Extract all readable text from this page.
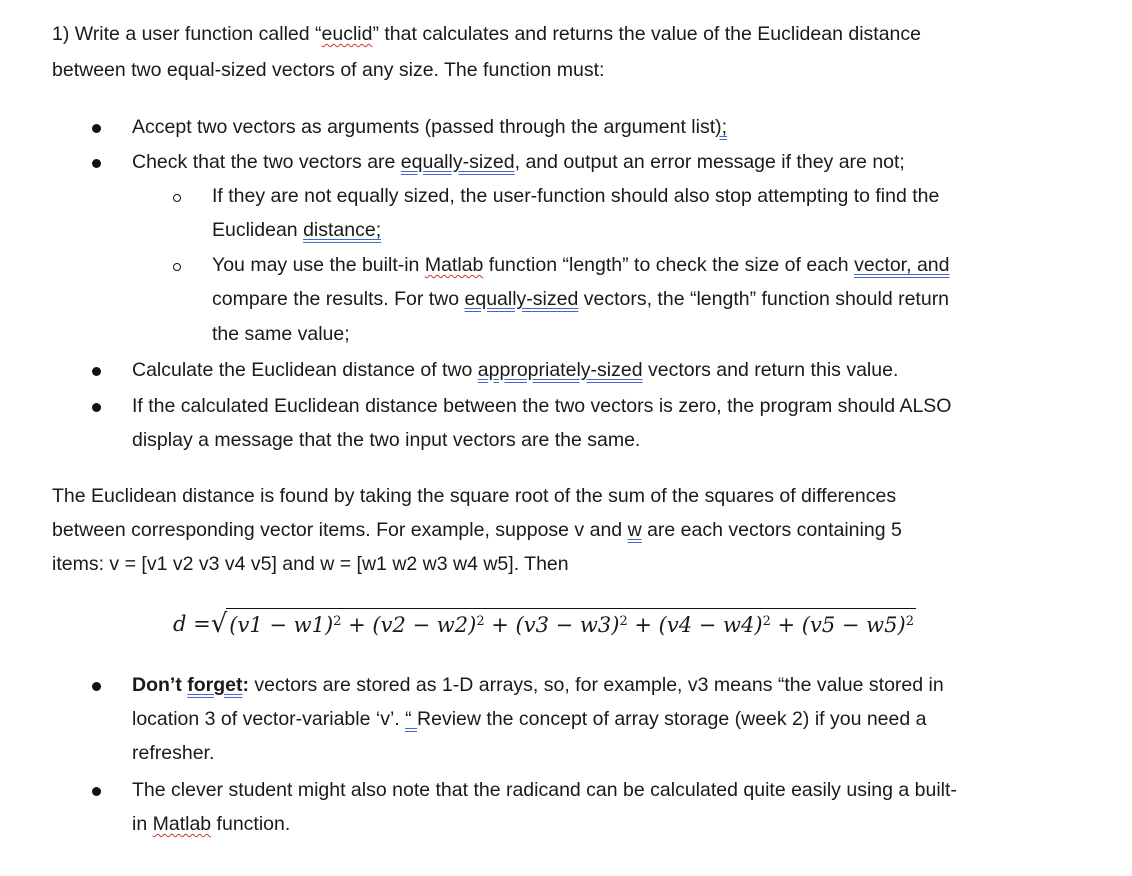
1) Write a user function called “euclid” that calculates and returns the value of the Euclidean distance
between two equal-sized vectors of any size. The function must:
Accept two vectors as arguments (passed through the argument list);
Check that the two vectors are equally-sized, and output an error message if they are not;
If they are not equally sized, the user-function should also stop attempting to find the
Euclidean distance;
You may use the built-in Matlab function “length” to check the size of each vector, and
compare the results. For two equally-sized vectors, the “length” function should return
the same value;
Calculate the Euclidean distance of two appropriately-sized vectors and return this value.
If the calculated Euclidean distance between the two vectors is zero, the program should ALSO
display a message that the two input vectors are the same.
The Euclidean distance is found by taking the square root of the sum of the squares of differences
between corresponding vector items. For example, suppose v and w are each vectors containing 5
items: v = [v1 v2 v3 v4 v5] and w = [w1 w2 w3 w4 w5]. Then
d = √ $(v1 - w1)^2 + (v2 - w2)^2 + (v3 - w3)^2 + (v4 - w4)^2 + (v5 - w5)^2$
Don’t forget: vectors are stored as 1-D arrays, so, for example, v3 means “the value stored in
location 3 of vector-variable ‘v’. “ Review the concept of array storage (week 2) if you need a
refresher.
The clever student might also note that the radicand can be calculated quite easily using a built-
in Matlab function.
